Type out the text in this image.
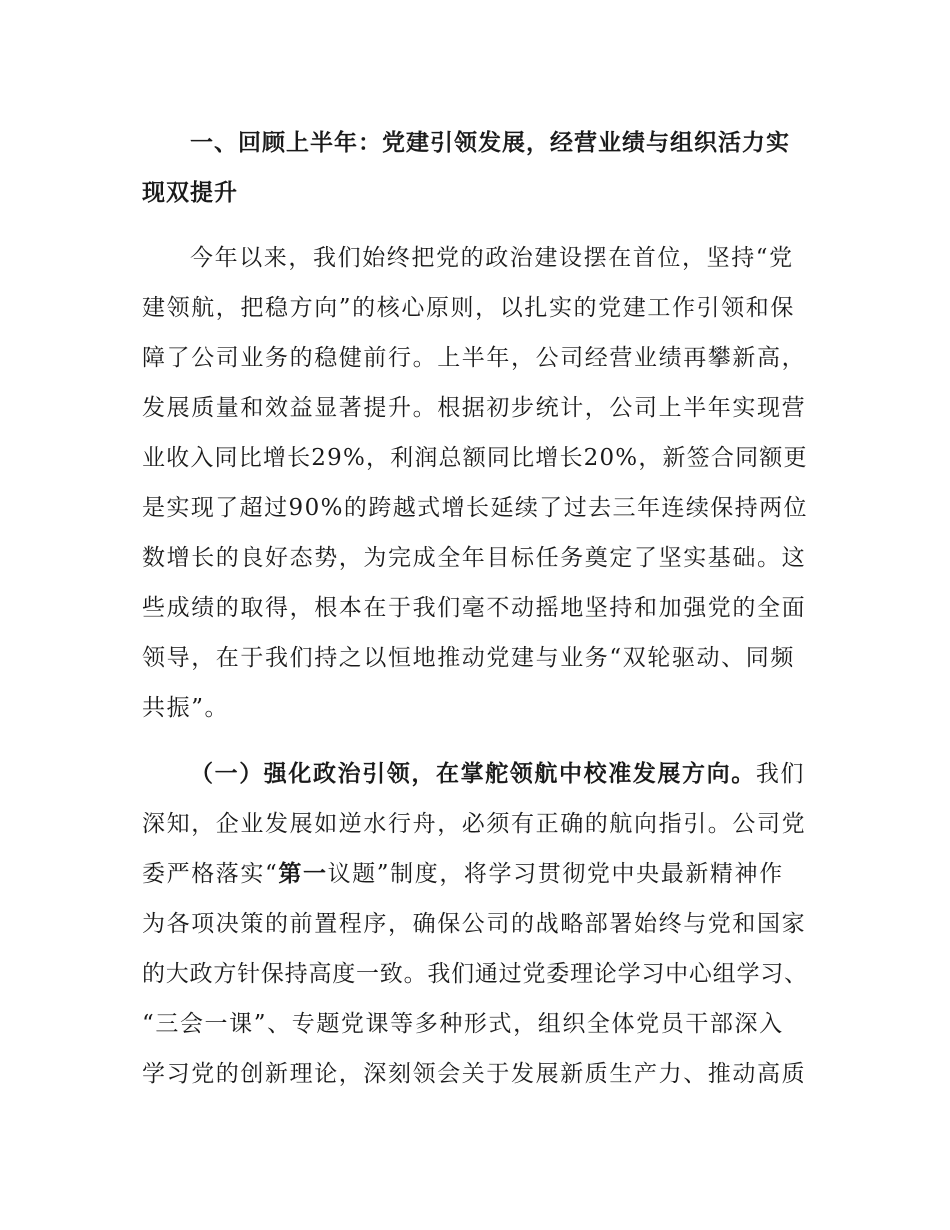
一、回顾上半年：党建引领发展，经营业绩与组织活力实
现双提升
今年以来，我们始终把党的政治建设摆在首位，坚持“党
建领航，把稳方向”的核心原则，以扎实的党建工作引领和保
障了公司业务的稳健前行。上半年，公司经营业绩再攀新高，
发展质量和效益显著提升。根据初步统计，公司上半年实现营
业收入同比增长29%，利润总额同比增长20%，新签合同额更
是实现了超过90%的跨越式增长延续了过去三年连续保持两位
数增长的良好态势，为完成全年目标任务奠定了坚实基础。这
些成绩的取得，根本在于我们毫不动摇地坚持和加强党的全面
领导，在于我们持之以恒地推动党建与业务“双轮驱动、同频
共振”。
（一）强化政治引领，在掌舵领航中校准发展方向。我们
深知，企业发展如逆水行舟，必须有正确的航向指引。公司党
委严格落实“第一议题”制度，将学习贯彻党中央最新精神作
为各项决策的前置程序，确保公司的战略部署始终与党和国家
的大政方针保持高度一致。我们通过党委理论学习中心组学习、
“三会一课”、专题党课等多种形式，组织全体党员干部深入
学习党的创新理论，深刻领会关于发展新质生产力、推动高质
